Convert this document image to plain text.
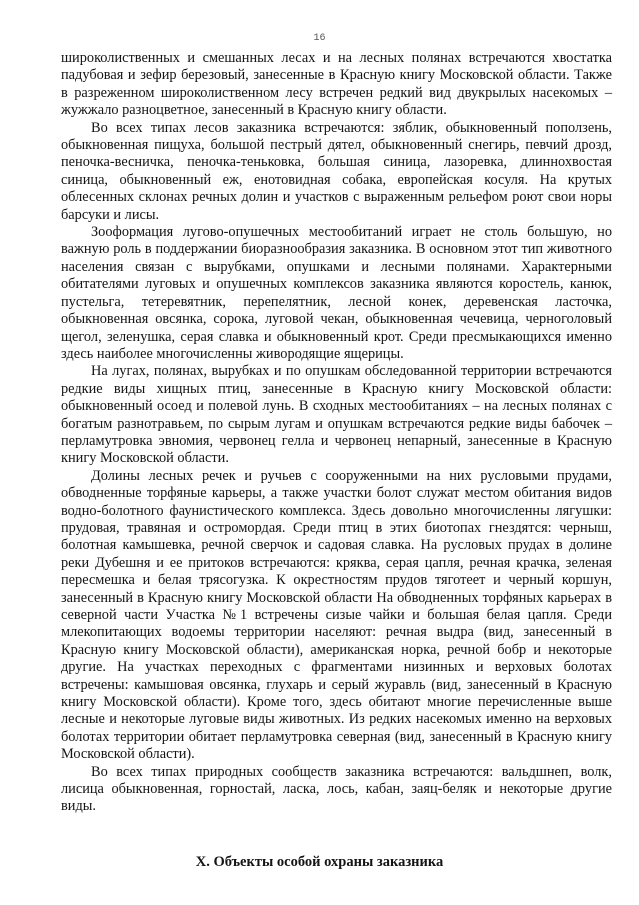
16

широколиственных и смешанных лесах и на лесных полянах встречаются хвостатка падубовая и зефир березовый, занесенные в Красную книгу Московской области. Также в разреженном широколиственном лесу встречен редкий вид двукрылых насекомых – жужжало разноцветное, занесенный в Красную книгу области.

Во всех типах лесов заказника встречаются: зяблик, обыкновенный поползень, обыкновенная пищуха, большой пестрый дятел, обыкновенный снегирь, певчий дрозд, пеночка-весничка, пеночка-теньковка, большая синица, лазоревка, длиннохвостая синица, обыкновенный еж, енотовидная собака, европейская косуля. На крутых облесенных склонах речных долин и участков с выраженным рельефом роют свои норы барсуки и лисы.

Зооформация лугово-опушечных местообитаний играет не столь большую, но важную роль в поддержании биоразнообразия заказника. В основном этот тип животного населения связан с вырубками, опушками и лесными полянами. Характерными обитателями луговых и опушечных комплексов заказника являются коростель, канюк, пустельга, тетеревятник, перепелятник, лесной конек, деревенская ласточка, обыкновенная овсянка, сорока, луговой чекан, обыкновенная чечевица, черноголовый щегол, зеленушка, серая славка и обыкновенный крот. Среди пресмыкающихся именно здесь наиболее многочисленны живородящие ящерицы.

На лугах, полянах, вырубках и по опушкам обследованной территории встречаются редкие виды хищных птиц, занесенные в Красную книгу Московской области: обыкновенный осоед и полевой лунь. В сходных местообитаниях – на лесных полянах с богатым разнотравьем, по сырым лугам и опушкам встречаются редкие виды бабочек – перламутровка эвномия, червонец гелла и червонец непарный, занесенные в Красную книгу Московской области.

Долины лесных речек и ручьев с сооруженными на них русловыми прудами, обводненные торфяные карьеры, а также участки болот служат местом обитания видов водно-болотного фаунистического комплекса. Здесь довольно многочисленны лягушки: прудовая, травяная и остромордая. Среди птиц в этих биотопах гнездятся: черныш, болотная камышевка, речной сверчок и садовая славка. На русловых прудах в долине реки Дубешня и ее притоков встречаются: кряква, серая цапля, речная крачка, зеленая пересмешка и белая трясогузка. К окрестностям прудов тяготеет и черный коршун, занесенный в Красную книгу Московской области На обводненных торфяных карьерах в северной части Участка №1 встречены сизые чайки и большая белая цапля. Среди млекопитающих водоемы территории населяют: речная выдра (вид, занесенный в Красную книгу Московской области), американская норка, речной бобр и некоторые другие. На участках переходных с фрагментами низинных и верховых болотах встречены: камышовая овсянка, глухарь и серый журавль (вид, занесенный в Красную книгу Московской области). Кроме того, здесь обитают многие перечисленные выше лесные и некоторые луговые виды животных. Из редких насекомых именно на верховых болотах территории обитает перламутровка северная (вид, занесенный в Красную книгу Московской области).

Во всех типах природных сообществ заказника встречаются: вальдшнеп, волк, лисица обыкновенная, горностай, ласка, лось, кабан, заяц-беляк и некоторые другие виды.

X. Объекты особой охраны заказника
